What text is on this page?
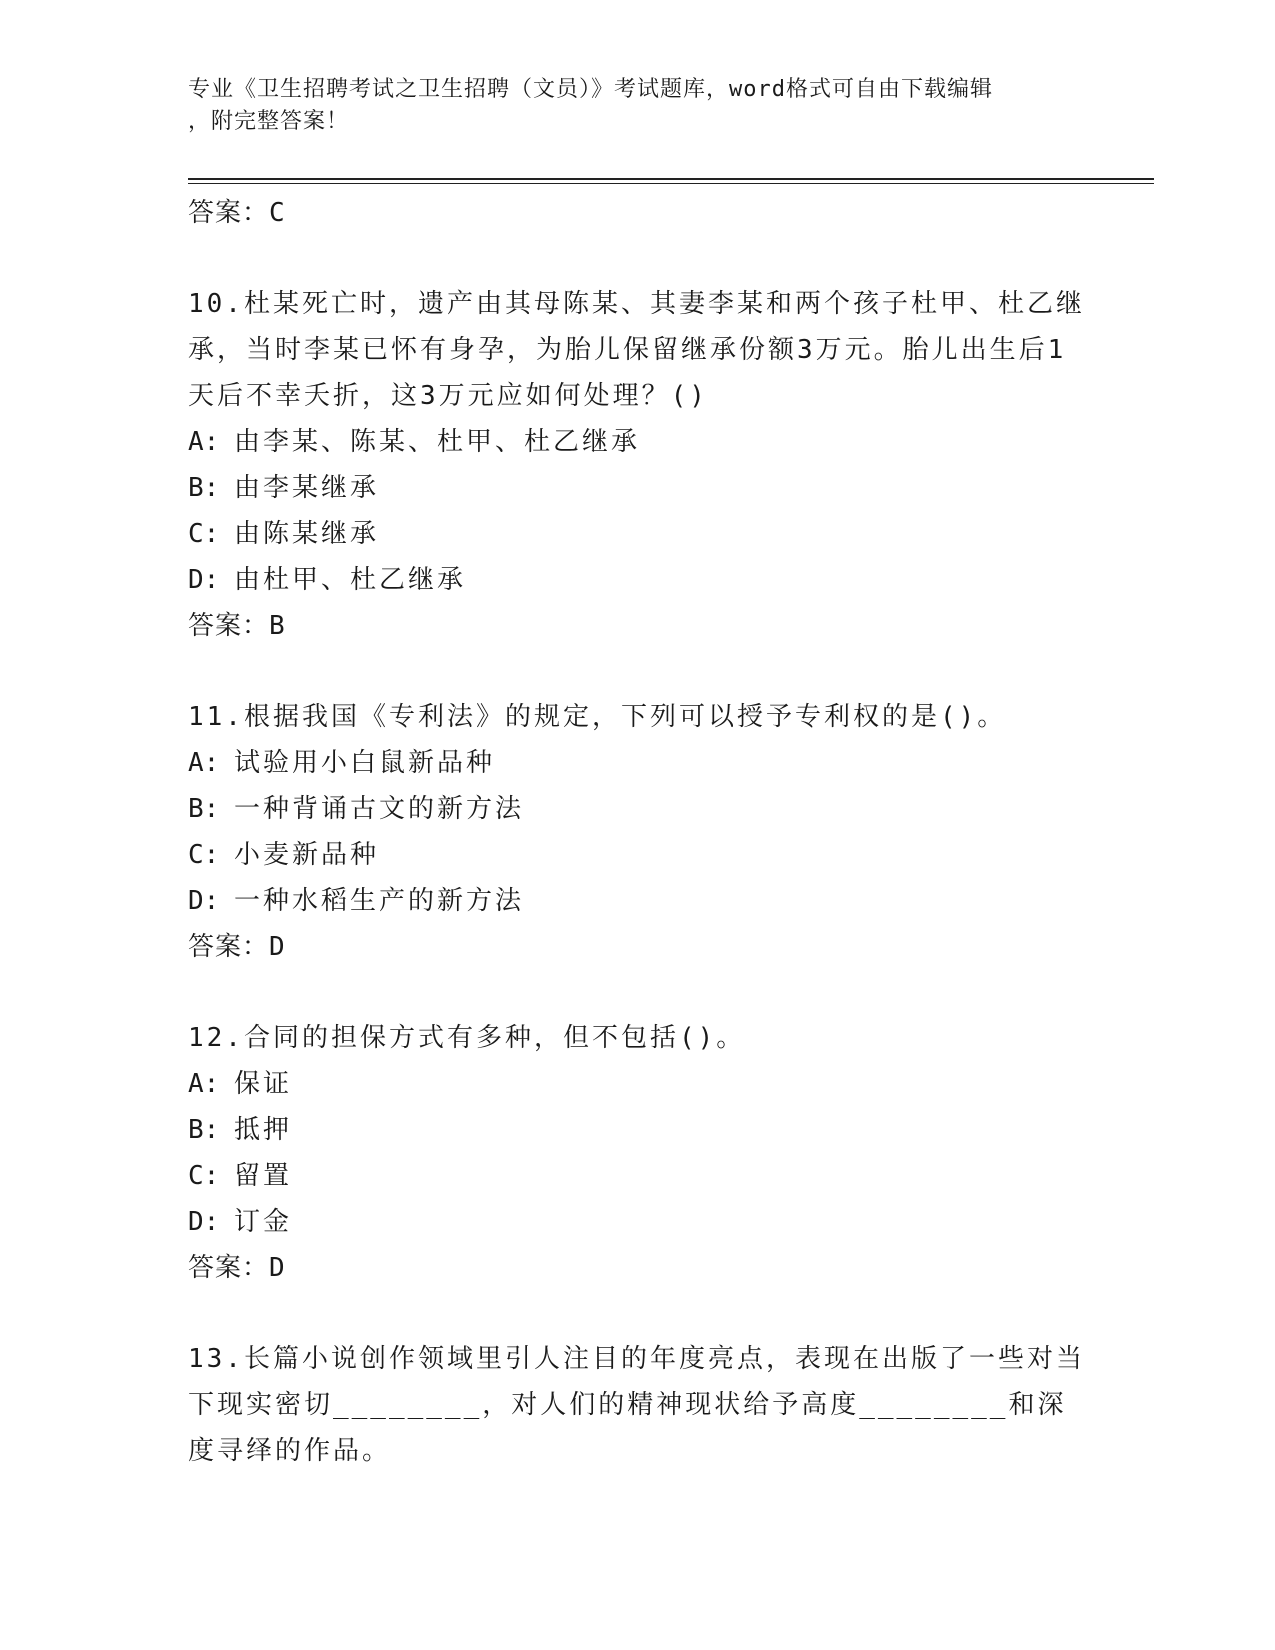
专业《卫生招聘考试之卫生招聘（文员）》考试题库，word格式可自由下载编辑
，附完整答案！
答案：C
10.杜某死亡时，遗产由其母陈某、其妻李某和两个孩子杜甲、杜乙继承，当时李某已怀有身孕，为胎儿保留继承份额3万元。胎儿出生后1天后不幸夭折，这3万元应如何处理？()
A: 由李某、陈某、杜甲、杜乙继承
B: 由李某继承
C: 由陈某继承
D: 由杜甲、杜乙继承
答案：B
11.根据我国《专利法》的规定，下列可以授予专利权的是()。
A: 试验用小白鼠新品种
B: 一种背诵古文的新方法
C: 小麦新品种
D: 一种水稻生产的新方法
答案：D
12.合同的担保方式有多种，但不包括()。
A: 保证
B: 抵押
C: 留置
D: 订金
答案：D
13.长篇小说创作领域里引人注目的年度亮点，表现在出版了一些对当下现实密切________，对人们的精神现状给予高度________和深度寻绎的作品。
